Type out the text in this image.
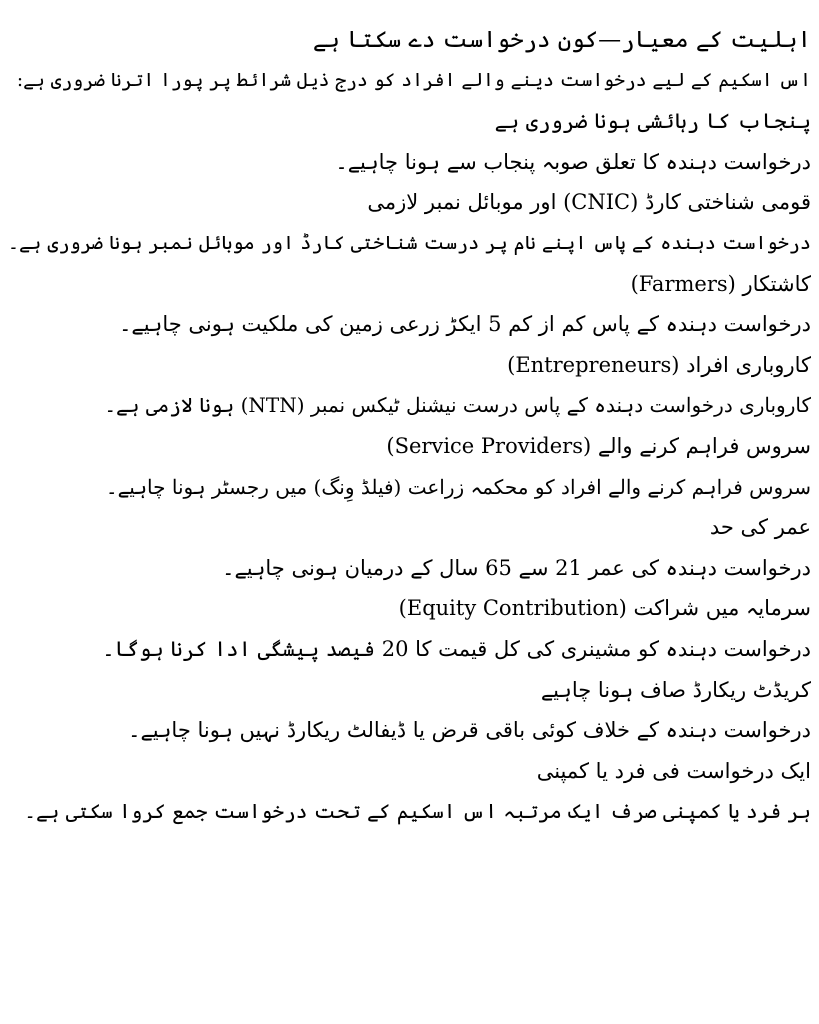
اہلیت کے معیار—کون درخواست دے سکتا ہے
اس اسکیم کے لیے درخواست دینے والے افراد کو درج ذیل شرائط پر پورا اترنا ضروری ہے:
پنجاب کا رہائشی ہونا ضروری ہے
درخواست دہندہ کا تعلق صوبہ پنجاب سے ہونا چاہیے۔
قومی شناختی کارڈ (CNIC) اور موبائل نمبر لازمی
درخواست دہندہ کے پاس اپنے نام پر درست شناختی کارڈ اور موبائل نمبر ہونا ضروری ہے۔
کاشتکار (Farmers)
درخواست دہندہ کے پاس کم از کم 5 ایکڑ زرعی زمین کی ملکیت ہونی چاہیے۔
کاروباری افراد (Entrepreneurs)
کاروباری درخواست دہندہ کے پاس درست نیشنل ٹیکس نمبر (NTN) ہونا لازمی ہے۔
سروس فراہم کرنے والے (Service Providers)
سروس فراہم کرنے والے افراد کو محکمہ زراعت (فیلڈ وِنگ) میں رجسٹر ہونا چاہیے۔
عمر کی حد
درخواست دہندہ کی عمر 21 سے 65 سال کے درمیان ہونی چاہیے۔
سرمایہ میں شراکت (Equity Contribution)
درخواست دہندہ کو مشینری کی کل قیمت کا 20 فیصد پیشگی ادا کرنا ہوگا۔
کریڈٹ ریکارڈ صاف ہونا چاہیے
درخواست دہندہ کے خلاف کوئی باقی قرض یا ڈیفالٹ ریکارڈ نہیں ہونا چاہیے۔
ایک درخواست فی فرد یا کمپنی
ہر فرد یا کمپنی صرف ایک مرتبہ اس اسکیم کے تحت درخواست جمع کروا سکتی ہے۔
